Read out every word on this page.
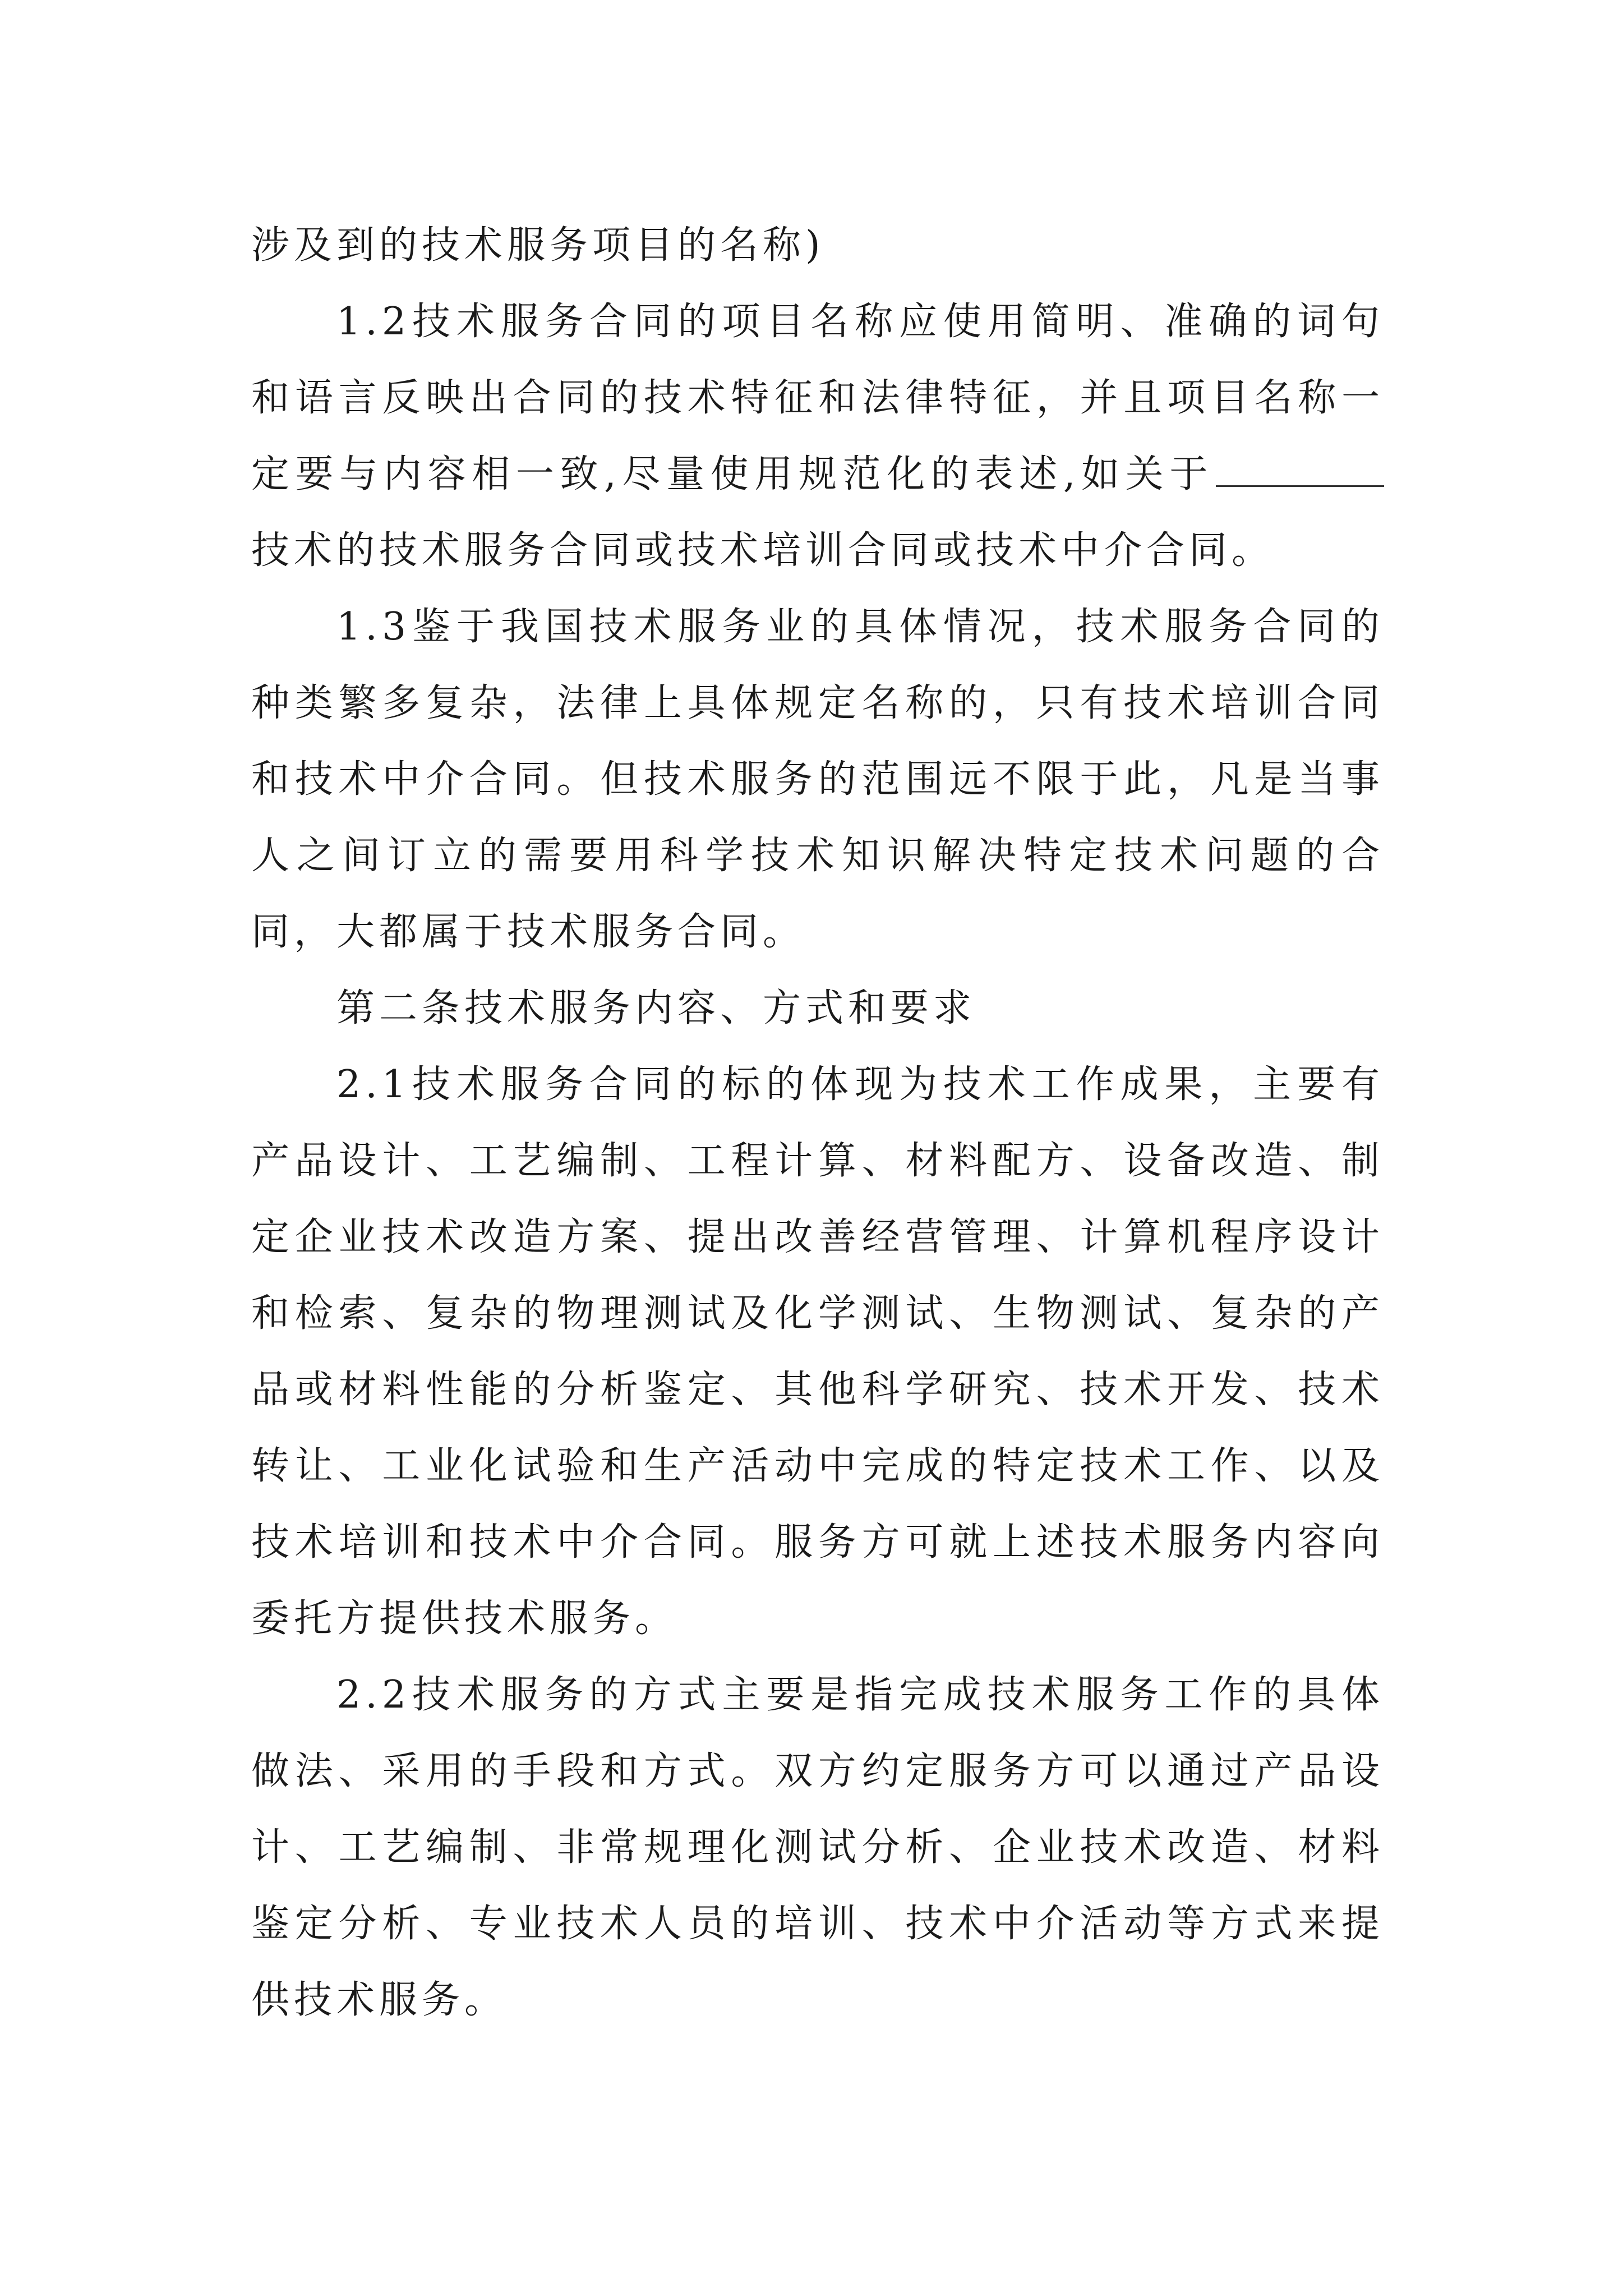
涉及到的技术服务项目的名称)

1.2技术服务合同的项目名称应使用简明、准确的词句和语言反映出合同的技术特征和法律特征，并且项目名称一定要与内容相一致,尽量使用规范化的表述,如关于技术的技术服务合同或技术培训合同或技术中介合同。

1.3鉴于我国技术服务业的具体情况，技术服务合同的种类繁多复杂，法律上具体规定名称的，只有技术培训合同和技术中介合同。但技术服务的范围远不限于此，凡是当事人之间订立的需要用科学技术知识解决特定技术问题的合同，大都属于技术服务合同。

第二条技术服务内容、方式和要求

2.1技术服务合同的标的体现为技术工作成果，主要有产品设计、工艺编制、工程计算、材料配方、设备改造、制定企业技术改造方案、提出改善经营管理、计算机程序设计和检索、复杂的物理测试及化学测试、生物测试、复杂的产品或材料性能的分析鉴定、其他科学研究、技术开发、技术转让、工业化试验和生产活动中完成的特定技术工作、以及技术培训和技术中介合同。服务方可就上述技术服务内容向委托方提供技术服务。

2.2技术服务的方式主要是指完成技术服务工作的具体做法、采用的手段和方式。双方约定服务方可以通过产品设计、工艺编制、非常规理化测试分析、企业技术改造、材料鉴定分析、专业技术人员的培训、技术中介活动等方式来提供技术服务。
